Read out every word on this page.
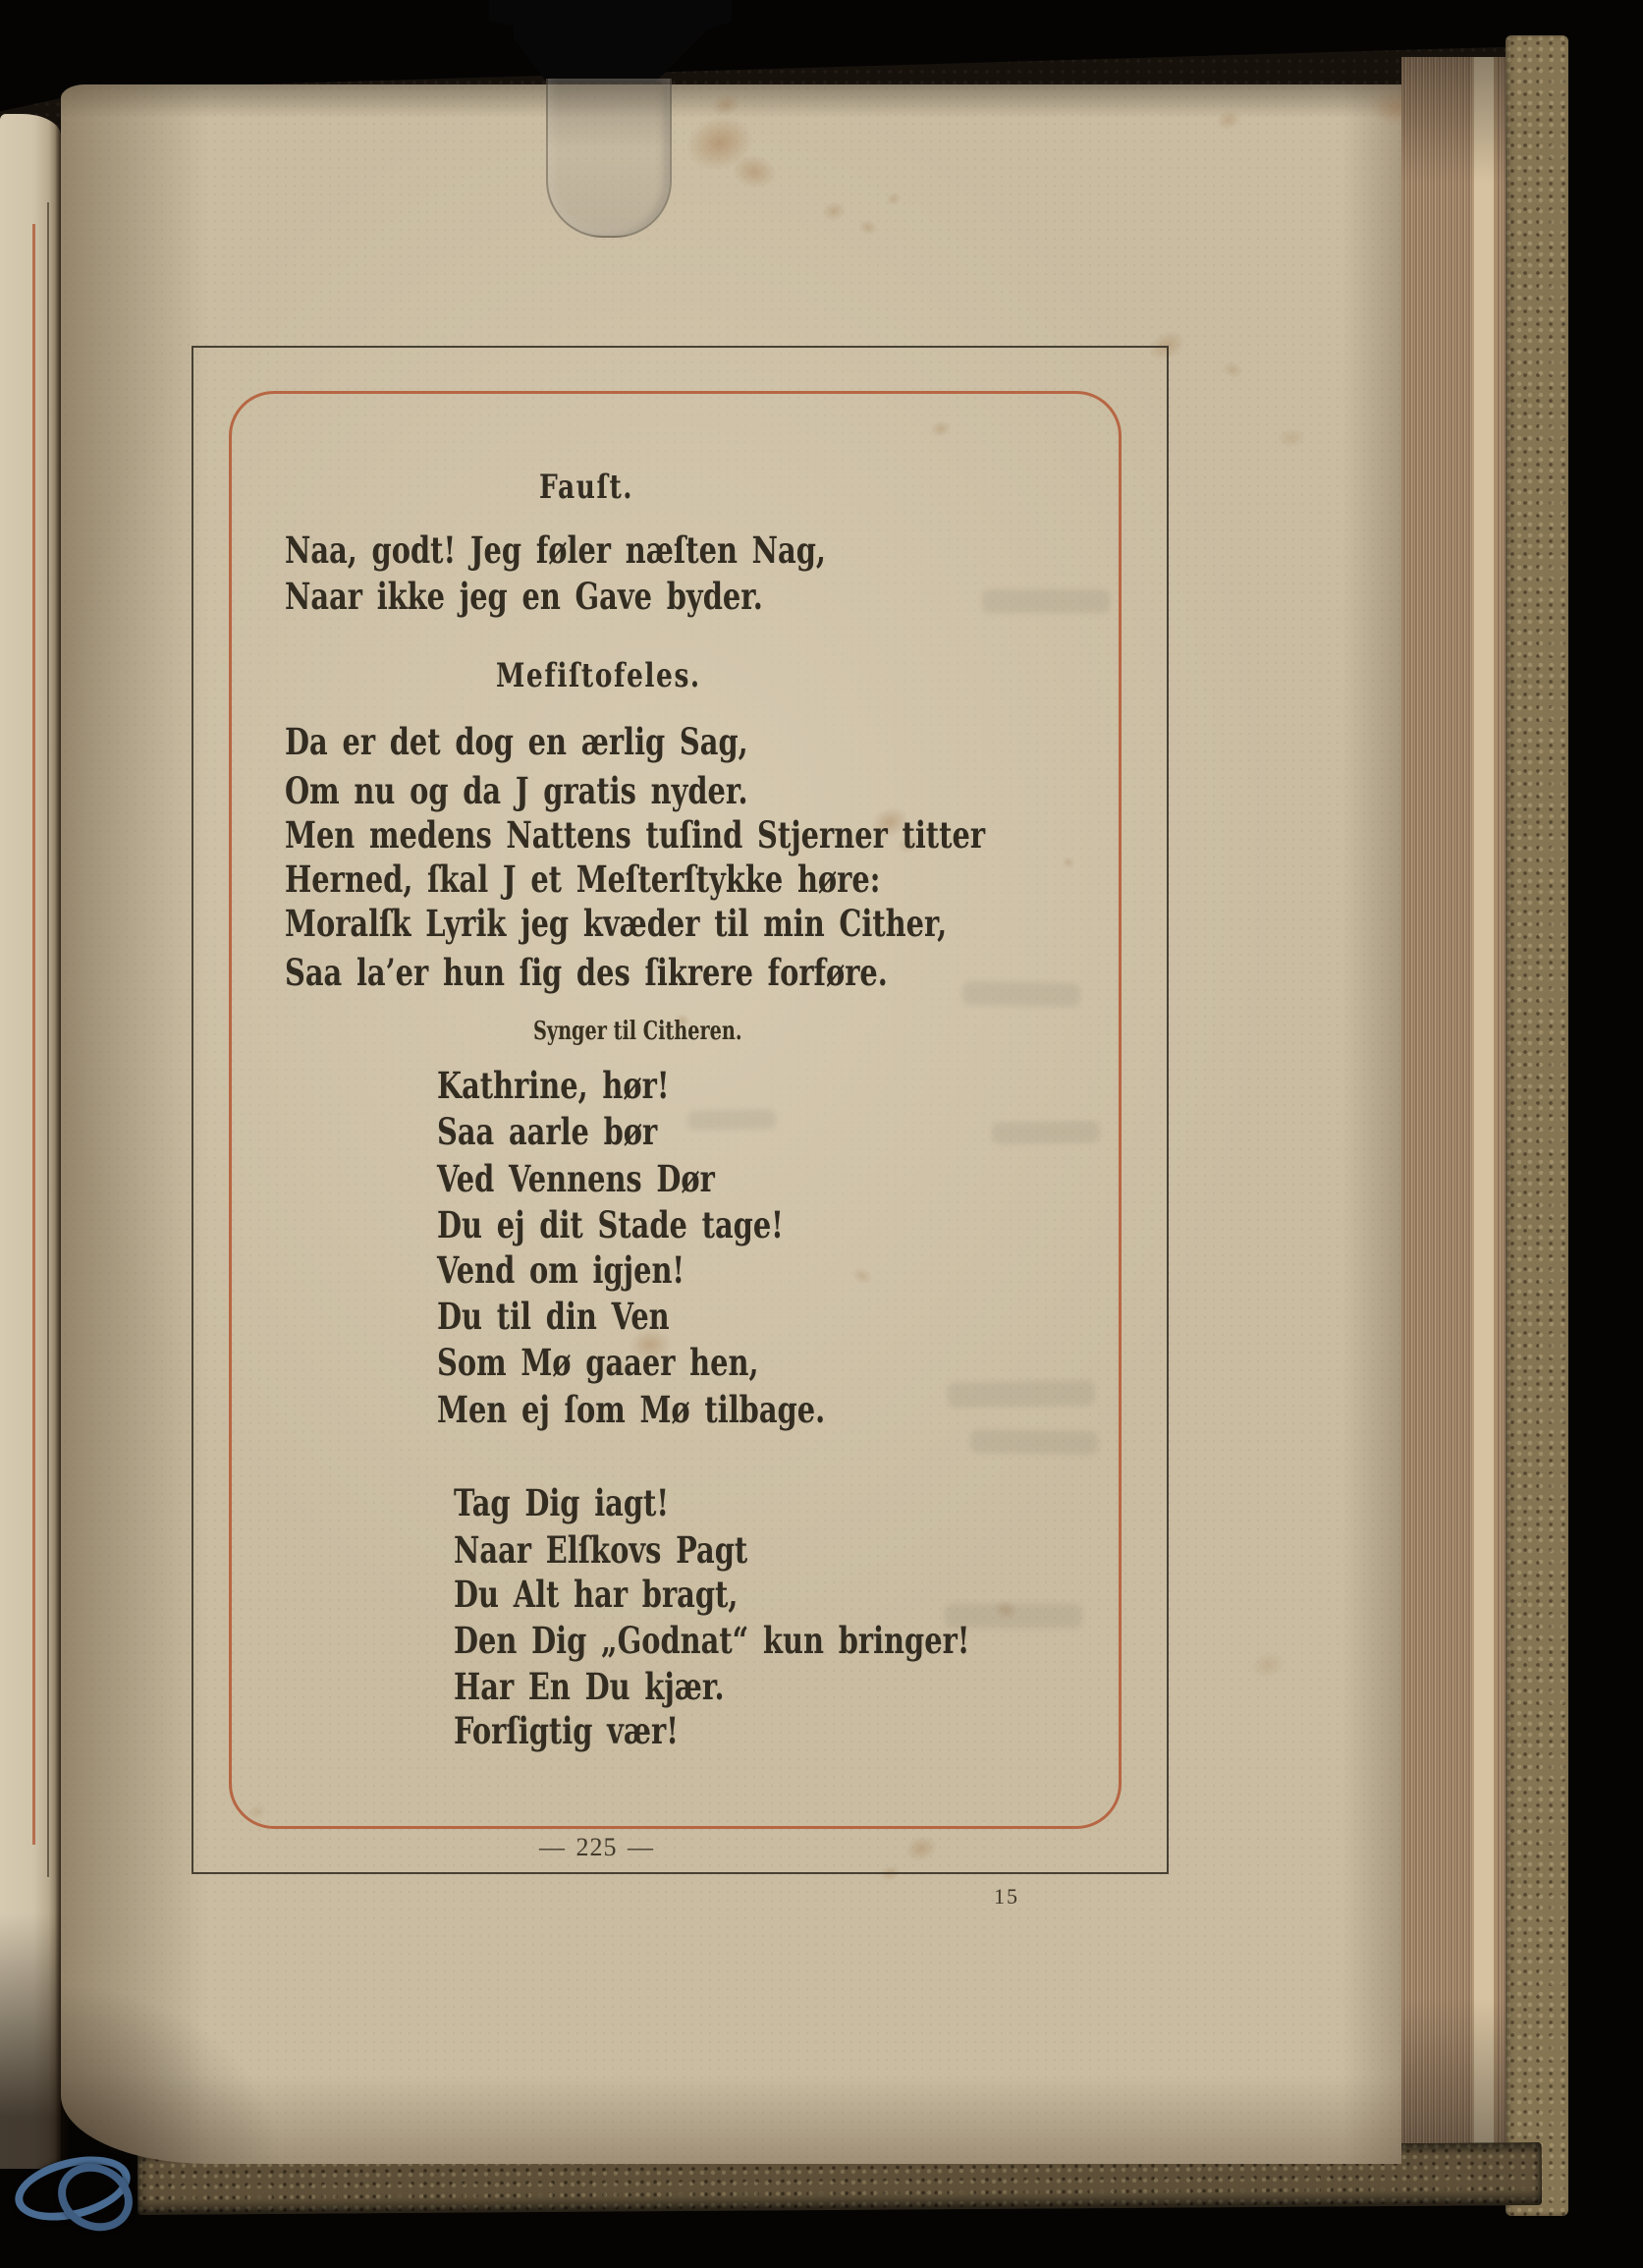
Fauſt.
Naa, godt! Jeg føler næſten Nag,
Naar ikke jeg en Gave byder.
Mefiſtofeles.
Da er det dog en ærlig Sag,
Om nu og da J gratis nyder.
Men medens Nattens tuſind Stjerner titter
Herned, ſkal J et Meſterſtykke høre:
Moralſk Lyrik jeg kvæder til min Cither,
Saa la’er hun ſig des ſikrere forføre.
Synger til Citheren.
Kathrine, hør!
Saa aarle bør
Ved Vennens Dør
Du ej dit Stade tage!
Vend om igjen!
Du til din Ven
Som Mø gaaer hen,
Men ej ſom Mø tilbage.
Tag Dig iagt!
Naar Elſkovs Pagt
Du Alt har bragt,
Den Dig „Godnat“ kun bringer!
Har En Du kjær.
Forſigtig vær!
— 225 —
15
